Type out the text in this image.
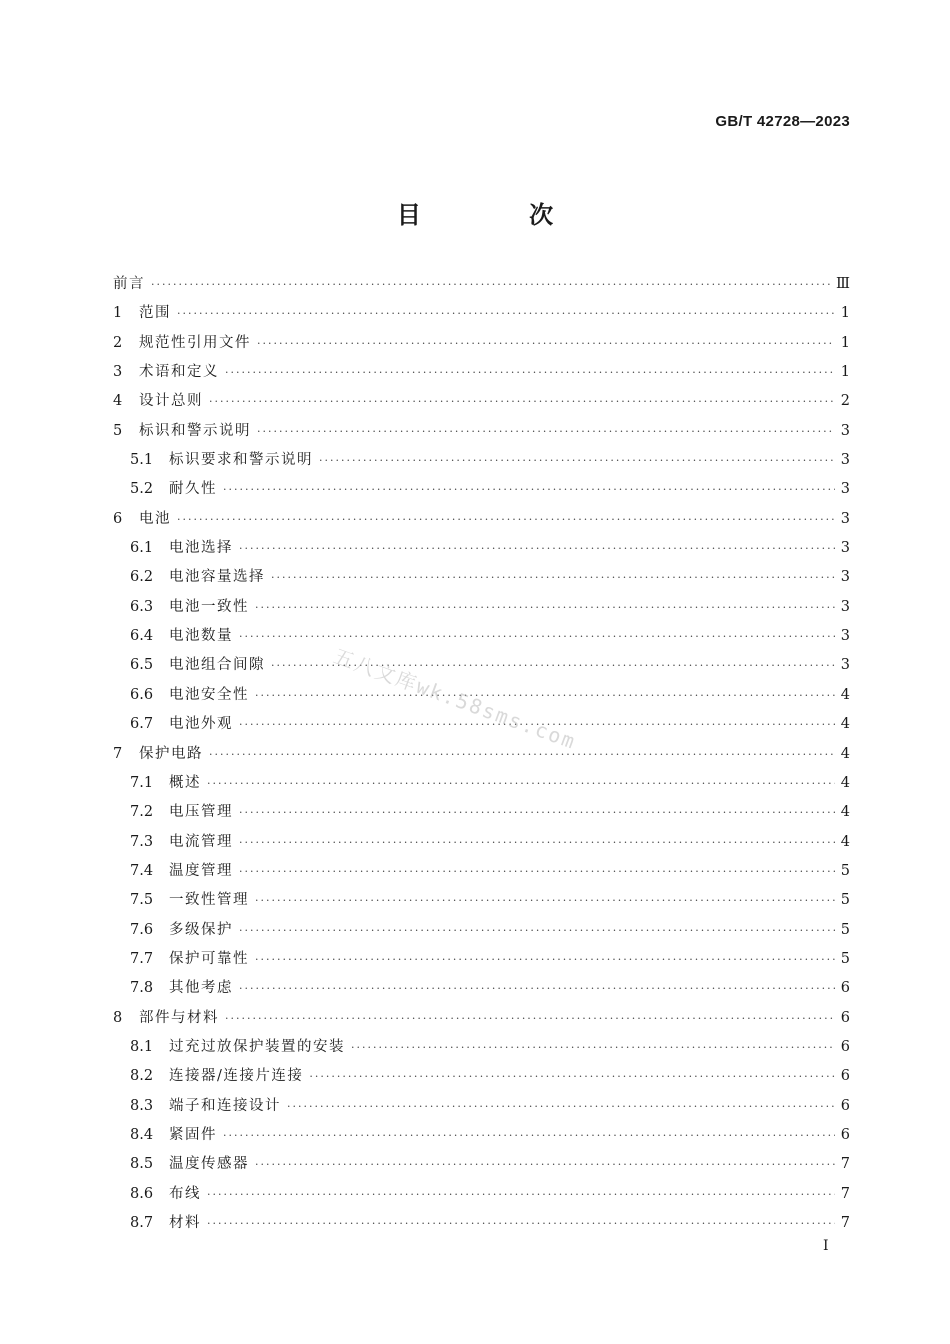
GB/T 42728—2023
目 次
前言 ·····	Ⅲ
1	范围 ·····	1
2	规范性引用文件 ·····	1
3	术语和定义 ·····	1
4	设计总则 ·····	2
5	标识和警示说明 ·····	3
5.1	标识要求和警示说明 ·····	3
5.2	耐久性 ·····	3
6	电池 ·····	3
6.1	电池选择 ·····	3
6.2	电池容量选择 ·····	3
6.3	电池一致性 ·····	3
6.4	电池数量 ·····	3
6.5	电池组合间隙 ·····	3
6.6	电池安全性 ·····	4
6.7	电池外观 ·····	4
7	保护电路 ·····	4
7.1	概述 ·····	4
7.2	电压管理 ·····	4
7.3	电流管理 ·····	4
7.4	温度管理 ·····	5
7.5	一致性管理 ·····	5
7.6	多级保护 ·····	5
7.7	保护可靠性 ·····	5
7.8	其他考虑 ·····	6
8	部件与材料 ·····	6
8.1	过充过放保护装置的安装 ·····	6
8.2	连接器/连接片连接 ·····	6
8.3	端子和连接设计 ·····	6
8.4	紧固件 ·····	6
8.5	温度传感器 ·····	7
8.6	布线 ·····	7
8.7	材料 ·····	7
五八文库wk.58sms.com
I
